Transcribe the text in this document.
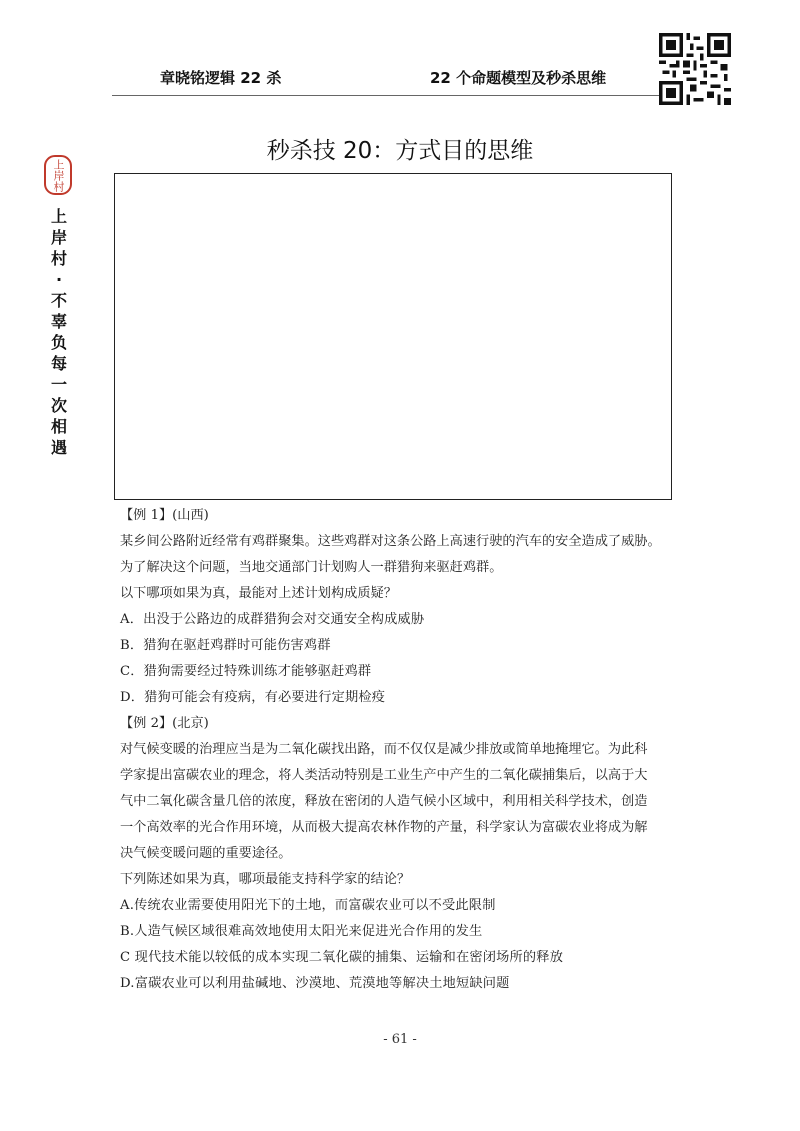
章晓铭逻辑 22 杀	22 个命题模型及秒杀思维
上岸村
上
岸
村
·
不
辜
负
每
一
次
相
遇
秒杀技 20：方式目的思维

【例 1】(山西)

某乡间公路附近经常有鸡群聚集。这些鸡群对这条公路上高速行驶的汽车的安全造成了威胁。

为了解决这个问题，当地交通部门计划购人一群猎狗来驱赶鸡群。

以下哪项如果为真，最能对上述计划构成质疑？

A．出没于公路边的成群猎狗会对交通安全构成威胁

B．猎狗在驱赶鸡群时可能伤害鸡群

C．猎狗需要经过特殊训练才能够驱赶鸡群

D．猎狗可能会有疫病，有必要进行定期检疫

【例 2】(北京)

对气候变暖的治理应当是为二氧化碳找出路，而不仅仅是减少排放或简单地掩埋它。为此科

学家提出富碳农业的理念，将人类活动特别是工业生产中产生的二氧化碳捕集后，以高于大

气中二氧化碳含量几倍的浓度，释放在密闭的人造气候小区域中，利用相关科学技术，创造

一个高效率的光合作用环境，从而极大提高农林作物的产量，科学家认为富碳农业将成为解

决气候变暖问题的重要途径。

下列陈述如果为真，哪项最能支持科学家的结论？

A.传统农业需要使用阳光下的土地，而富碳农业可以不受此限制

B.人造气候区域很难高效地使用太阳光来促进光合作用的发生

C 现代技术能以较低的成本实现二氧化碳的捕集、运输和在密闭场所的释放

D.富碳农业可以利用盐碱地、沙漠地、荒漠地等解决土地短缺问题

- 61 -
